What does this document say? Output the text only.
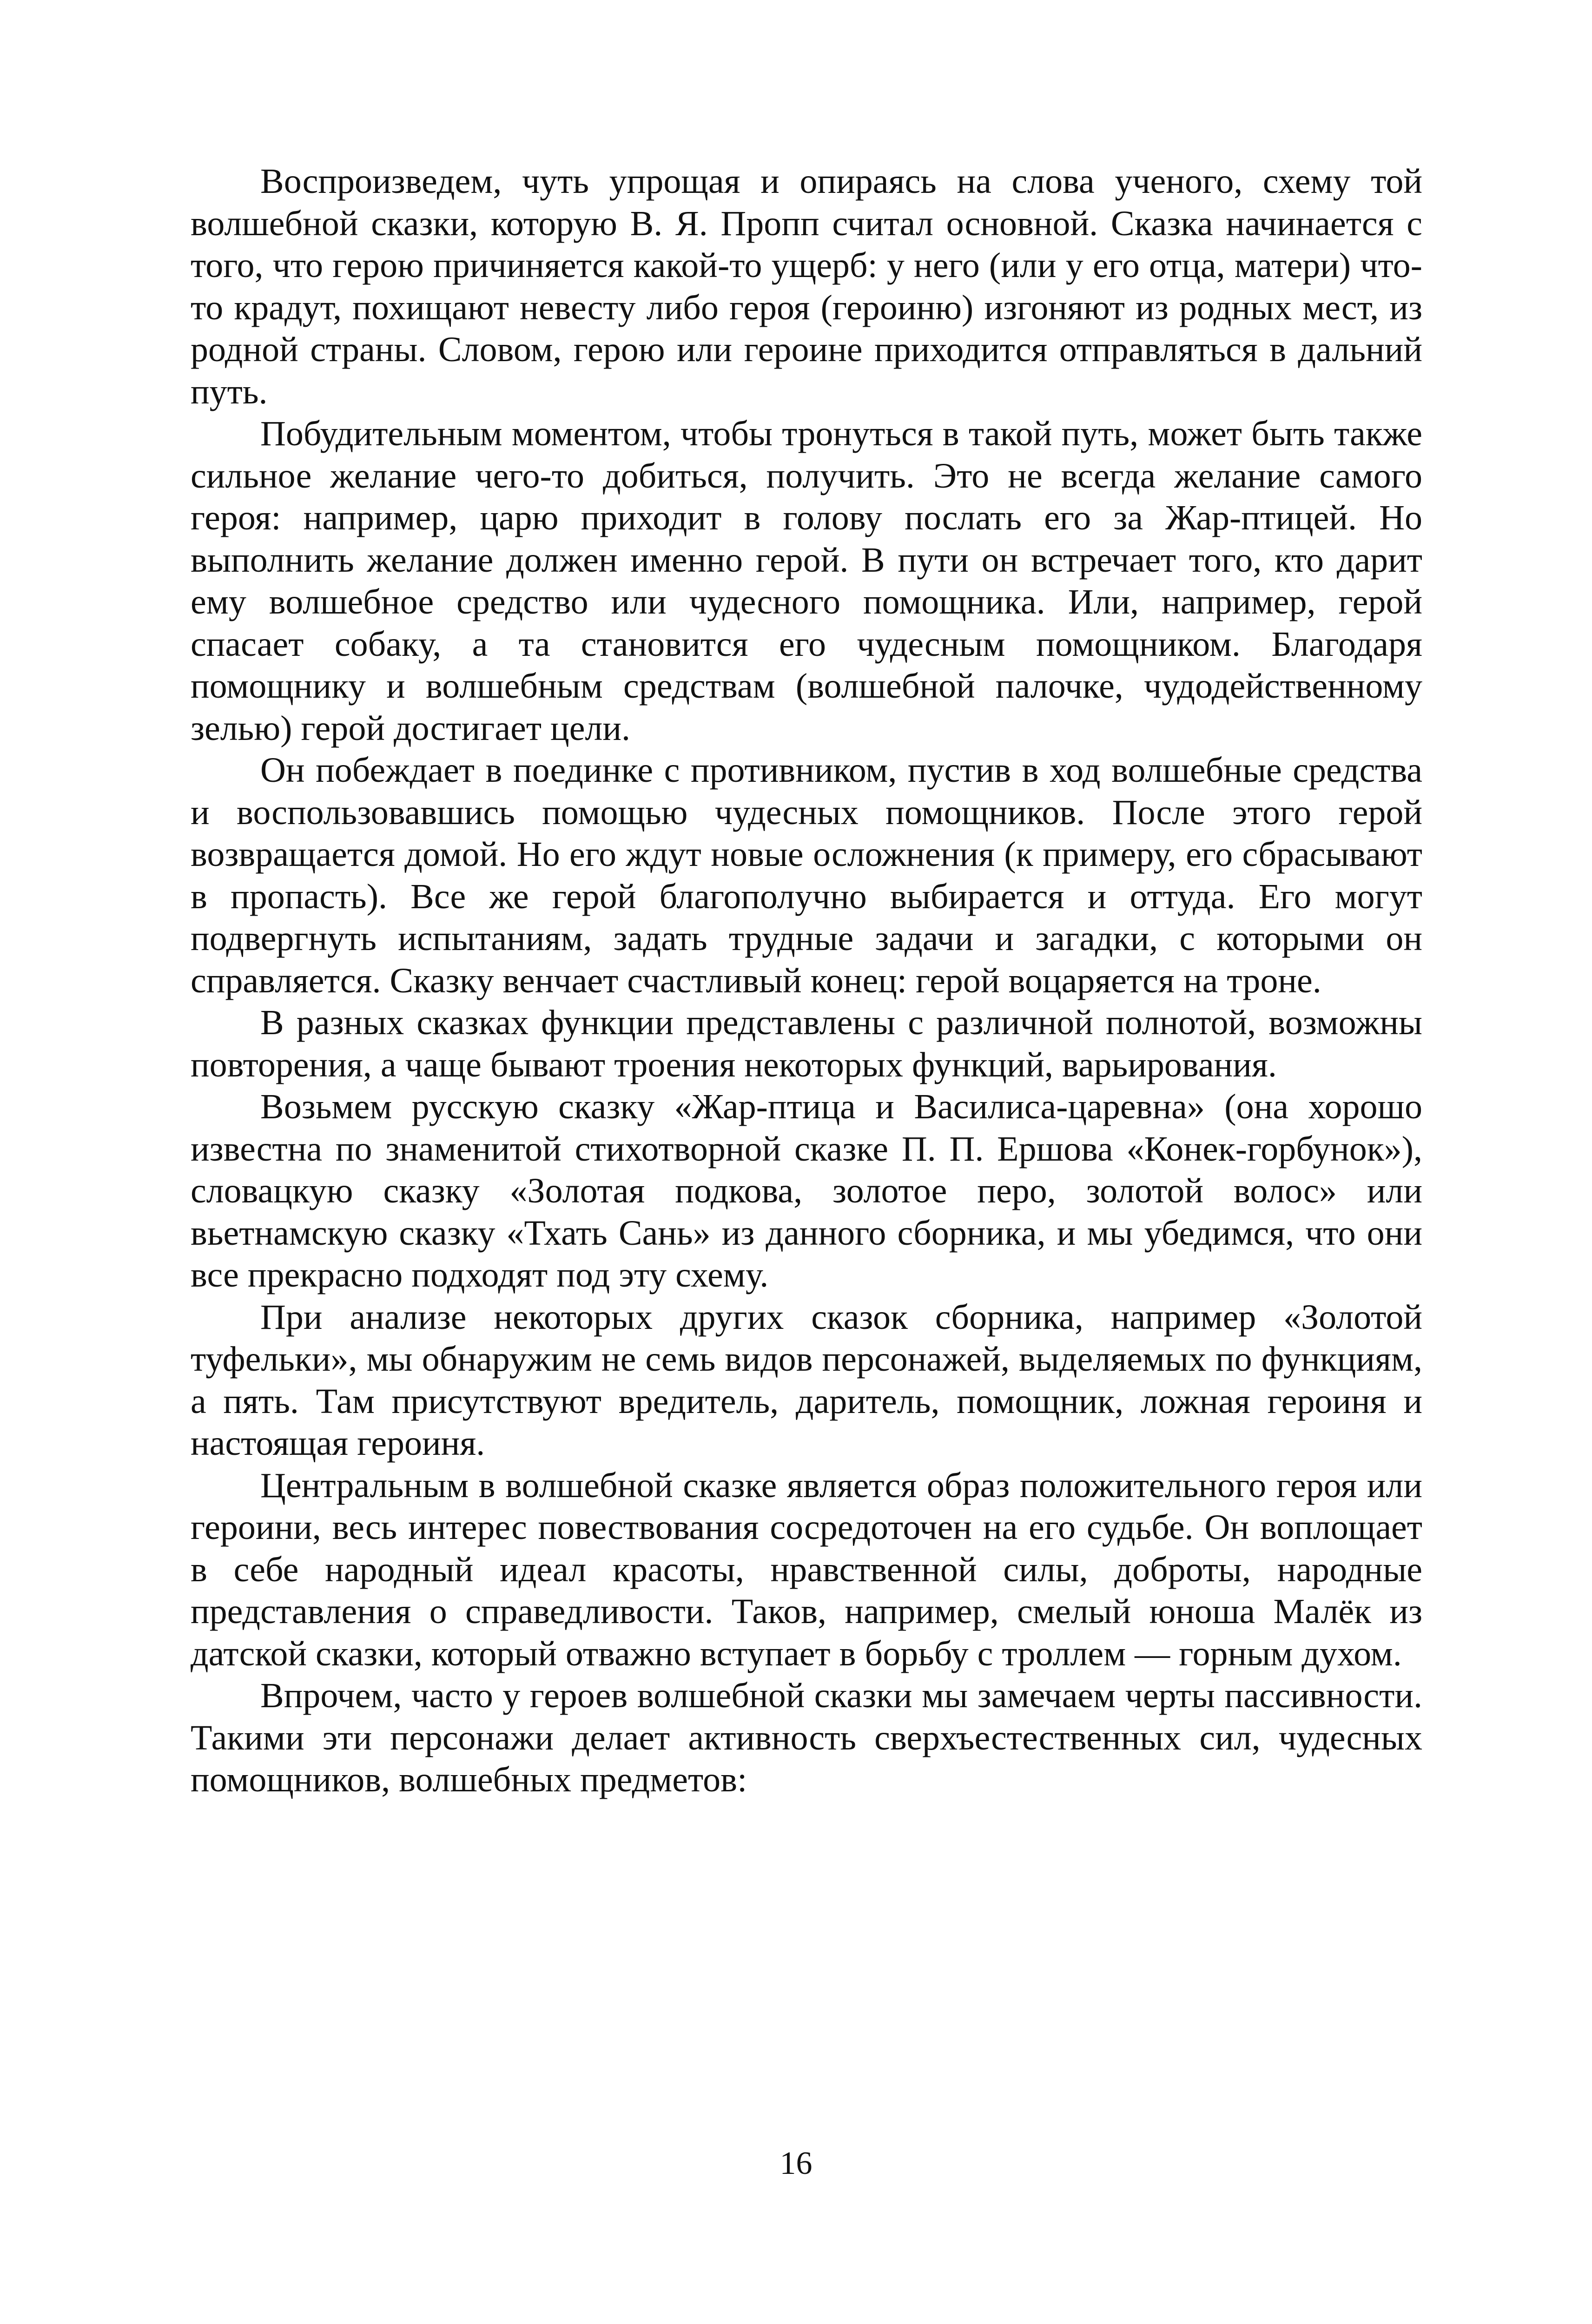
Воспроизведем, чуть упрощая и опираясь на слова ученого, схему той волшебной сказки, которую В. Я. Пропп считал основной. Сказка начинается с того, что герою причиняется какой-то ущерб: у него (или у его отца, матери) что-то крадут, похищают невесту либо героя (героиню) изгоняют из родных мест, из родной страны. Словом, герою или героине приходится отправляться в дальний путь.

Побудительным моментом, чтобы тронуться в такой путь, может быть также сильное желание чего-то добиться, получить. Это не всегда желание самого героя: например, царю приходит в голову послать его за Жар-птицей. Но выполнить желание должен именно герой. В пути он встречает того, кто дарит ему волшебное средство или чудесного помощника. Или, например, герой спасает собаку, а та становится его чудесным помощником. Благодаря помощнику и волшебным средствам (волшебной палочке, чудодейственному зелью) герой достигает цели.

Он побеждает в поединке с противником, пустив в ход волшебные средства и воспользовавшись помощью чудесных помощников. После этого герой возвращается домой. Но его ждут новые осложнения (к примеру, его сбрасывают в пропасть). Все же герой благополучно выбирается и оттуда. Его могут подвергнуть испытаниям, задать трудные задачи и загадки, с которыми он справляется. Сказку венчает счастливый конец: герой воцаряется на троне.

В разных сказках функции представлены с различной полнотой, возможны повторения, а чаще бывают троения некоторых функций, варьирования.

Возьмем русскую сказку «Жар-птица и Василиса-царевна» (она хорошо известна по знаменитой стихотворной сказке П. П. Ершова «Конек-горбунок»), словацкую сказку «Золотая подкова, золотое перо, золотой волос» или вьетнамскую сказку «Тхать Сань» из данного сборника, и мы убедимся, что они все прекрасно подходят под эту схему.

При анализе некоторых других сказок сборника, например «Золотой туфельки», мы обнаружим не семь видов персонажей, выделяемых по функциям, а пять. Там присутствуют вредитель, даритель, помощник, ложная героиня и настоящая героиня.

Центральным в волшебной сказке является образ положительного героя или героини, весь интерес повествования сосредоточен на его судьбе. Он воплощает в себе народный идеал красоты, нравственной силы, доброты, народные представления о справедливости. Таков, например, смелый юноша Малёк из датской сказки, который отважно вступает в борьбу с троллем — горным духом.

Впрочем, часто у героев волшебной сказки мы замечаем черты пассивности. Такими эти персонажи делает активность сверхъестественных сил, чудесных помощников, волшебных предметов:

16
